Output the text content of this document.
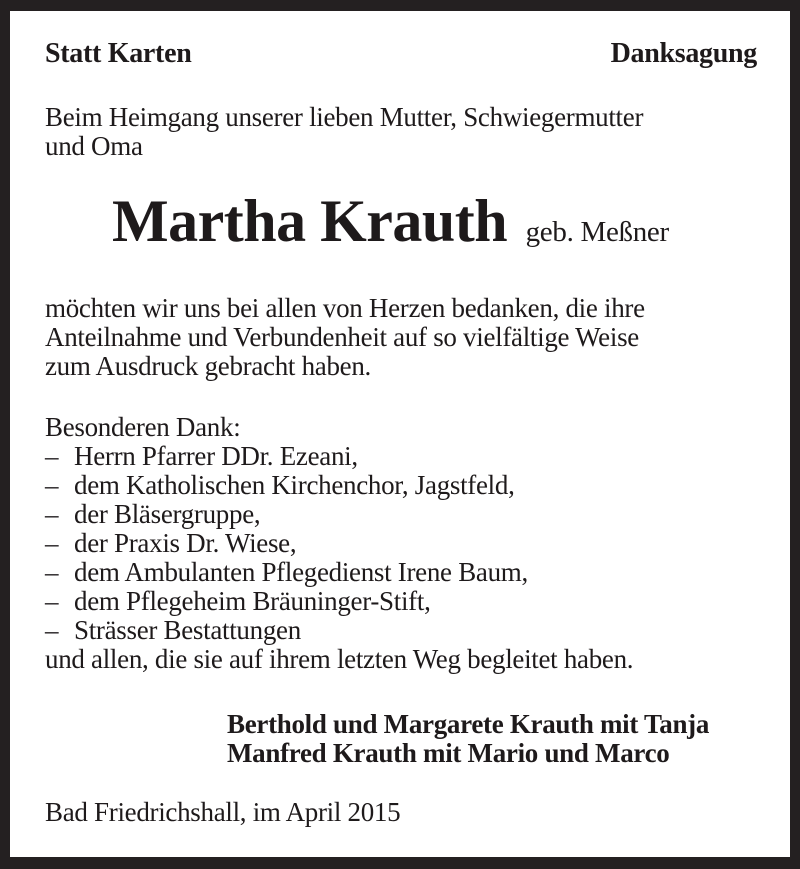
Statt Karten	Danksagung
Beim Heimgang unserer lieben Mutter, Schwiegermutter
und Oma
Martha Krauth geb. Meßner
möchten wir uns bei allen von Herzen bedanken, die ihre
Anteilnahme und Verbundenheit auf so vielfältige Weise
zum Ausdruck gebracht haben.
Besonderen Dank:
– Herrn Pfarrer DDr. Ezeani,
– dem Katholischen Kirchenchor, Jagstfeld,
– der Bläsergruppe,
– der Praxis Dr. Wiese,
– dem Ambulanten Pflegedienst Irene Baum,
– dem Pflegeheim Bräuninger-Stift,
– Strässer Bestattungen
und allen, die sie auf ihrem letzten Weg begleitet haben.
Berthold und Margarete Krauth mit Tanja
Manfred Krauth mit Mario und Marco
Bad Friedrichshall, im April 2015
